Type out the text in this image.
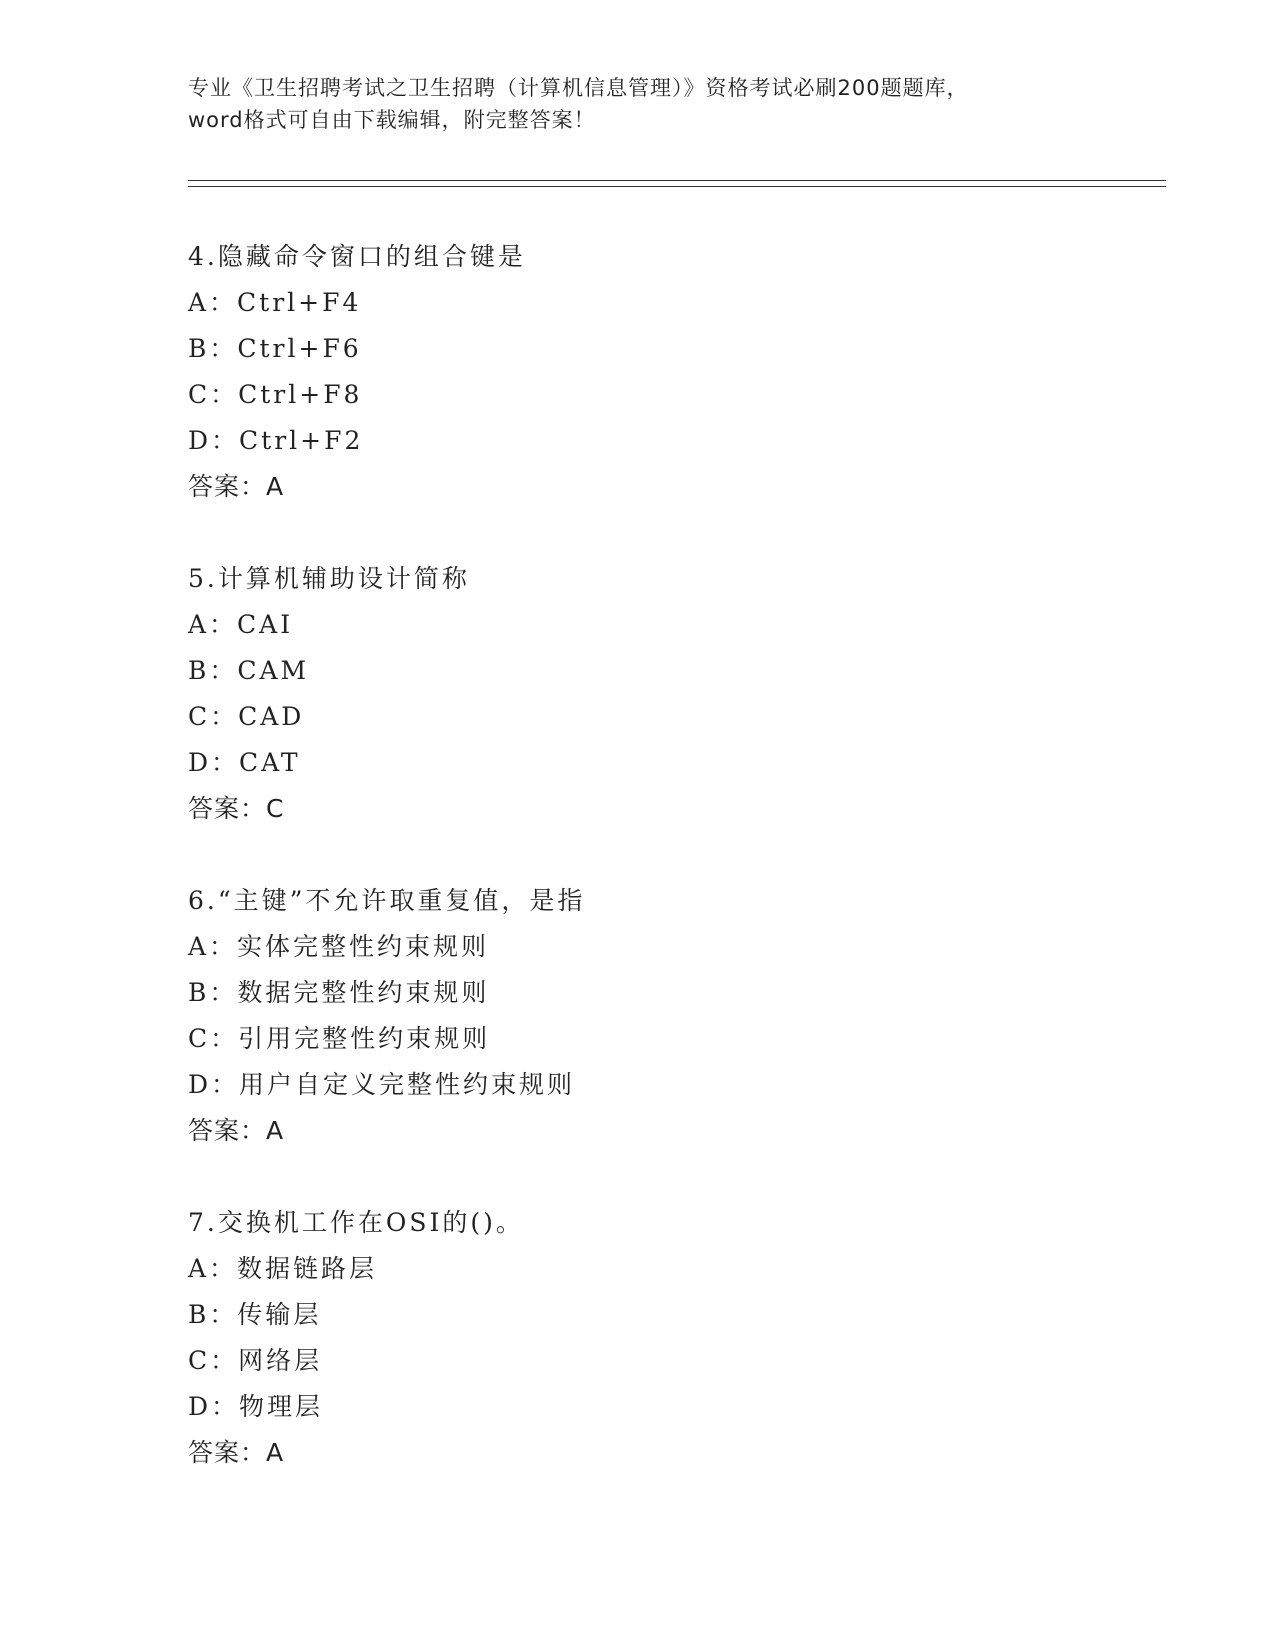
专业《卫生招聘考试之卫生招聘（计算机信息管理）》资格考试必刷200题题库，
word格式可自由下载编辑，附完整答案！
4.隐藏命令窗口的组合键是
A：Ctrl+F4
B：Ctrl+F6
C：Ctrl+F8
D：Ctrl+F2
答案：A
5.计算机辅助设计简称
A：CAI
B：CAM
C：CAD
D：CAT
答案：C
6.“主键”不允许取重复值，是指
A：实体完整性约束规则
B：数据完整性约束规则
C：引用完整性约束规则
D：用户自定义完整性约束规则
答案：A
7.交换机工作在OSI的()。
A：数据链路层
B：传输层
C：网络层
D：物理层
答案：A
